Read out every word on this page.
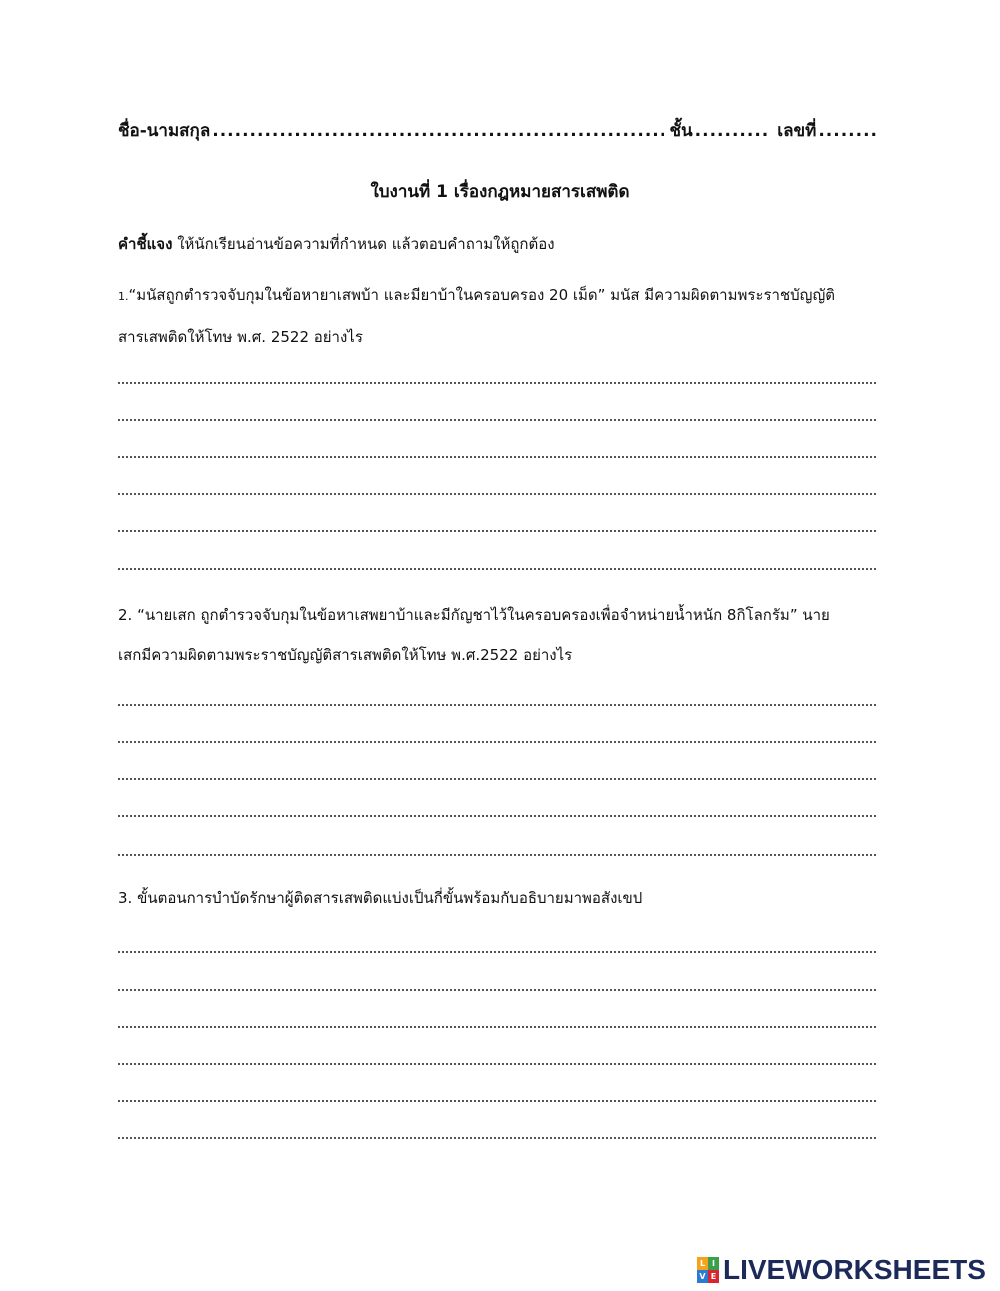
ชื่อ-นามสกุล
.....	ชั้น .......... เลขที่ ........
ใบงานที่ 1 เรื่องกฎหมายสารเสพติด
คำชี้แจง ให้นักเรียนอ่านข้อความที่กำหนด แล้วตอบคำถามให้ถูกต้อง
1.“มนัสถูกตำรวจจับกุมในข้อหายาเสพบ้า และมียาบ้าในครอบครอง 20 เม็ด” มนัส มีความผิดตามพระราชบัญญัติ
สารเสพติดให้โทษ พ.ศ. 2522 อย่างไร
2. “นายเสก ถูกตำรวจจับกุมในข้อหาเสพยาบ้าและมีกัญชาไว้ในครอบครองเพื่อจำหน่ายน้ำหนัก 8กิโลกรัม” นาย
เสกมีความผิดตามพระราชบัญญัติสารเสพติดให้โทษ พ.ศ.2522 อย่างไร
3. ขั้นตอนการบำบัดรักษาผู้ติดสารเสพติดแบ่งเป็นกี่ขั้นพร้อมกับอธิบายมาพอสังเขป
L I
V E LIVEWORKSHEETS
